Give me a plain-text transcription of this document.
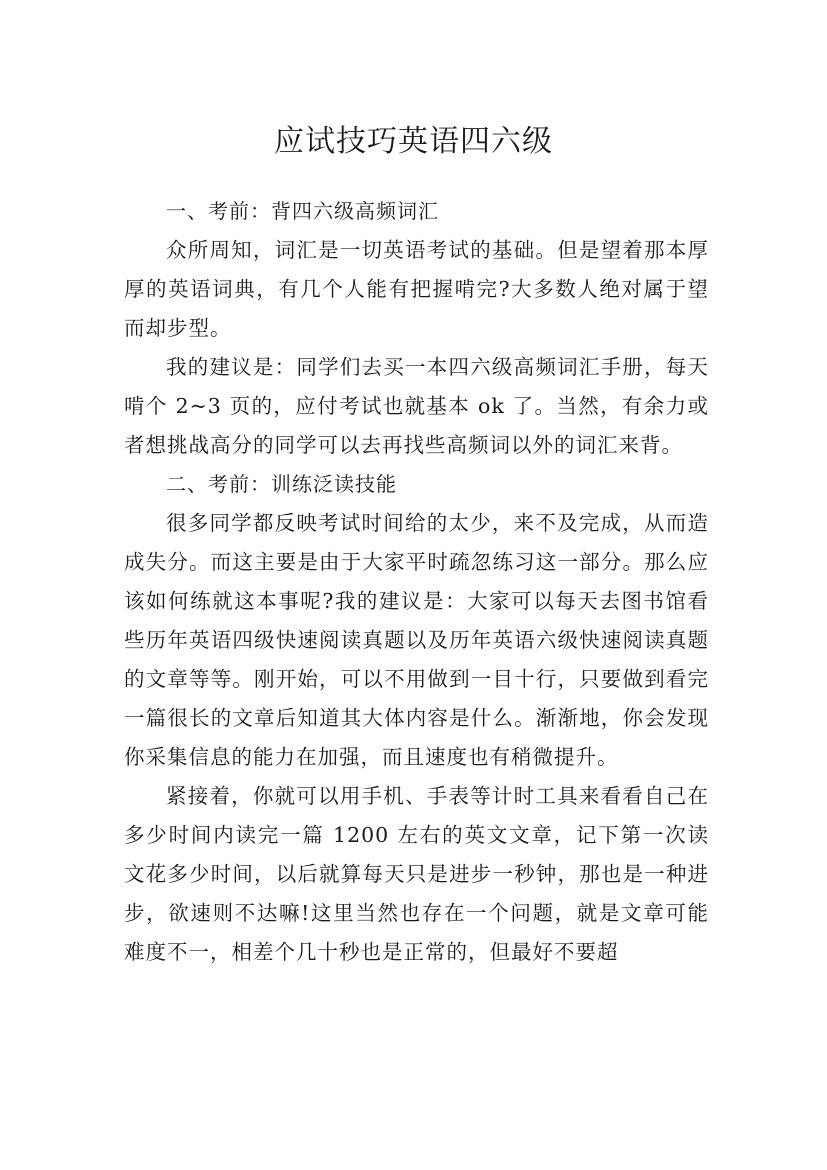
应试技巧英语四六级

一、考前：背四六级高频词汇

众所周知，词汇是一切英语考试的基础。但是望着那本厚厚的英语词典，有几个人能有把握啃完?大多数人绝对属于望而却步型。

我的建议是：同学们去买一本四六级高频词汇手册，每天啃个 2~3 页的，应付考试也就基本 ok 了。当然，有余力或者想挑战高分的同学可以去再找些高频词以外的词汇来背。

二、考前：训练泛读技能

很多同学都反映考试时间给的太少，来不及完成，从而造成失分。而这主要是由于大家平时疏忽练习这一部分。那么应该如何练就这本事呢?我的建议是：大家可以每天去图书馆看些历年英语四级快速阅读真题以及历年英语六级快速阅读真题的文章等等。刚开始，可以不用做到一目十行，只要做到看完一篇很长的文章后知道其大体内容是什么。渐渐地，你会发现你采集信息的能力在加强，而且速度也有稍微提升。

紧接着，你就可以用手机、手表等计时工具来看看自己在多少时间内读完一篇 1200 左右的英文文章，记下第一次读文花多少时间，以后就算每天只是进步一秒钟，那也是一种进步，欲速则不达嘛!这里当然也存在一个问题，就是文章可能难度不一，相差个几十秒也是正常的，但最好不要超
